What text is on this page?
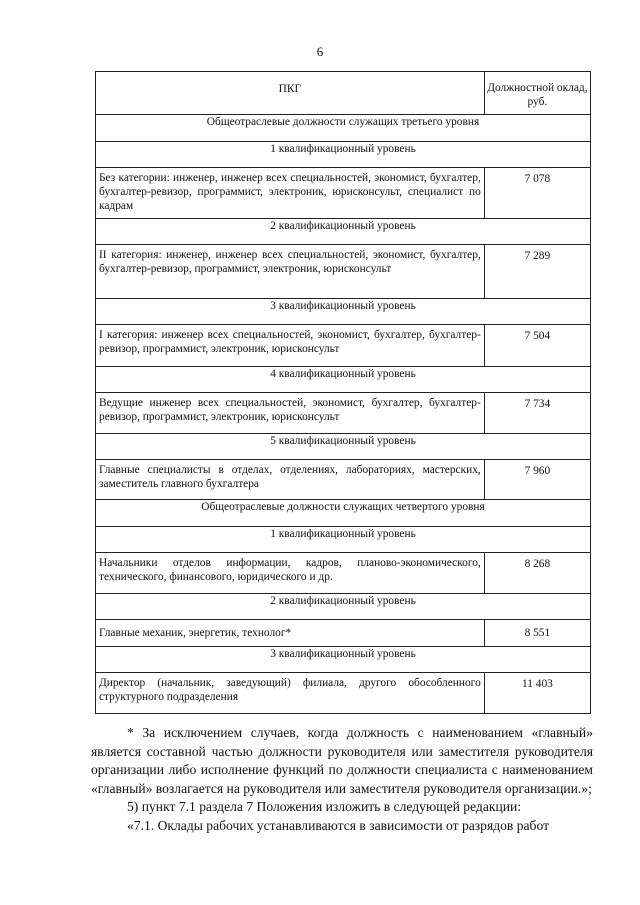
6
ПКГ	Должностной оклад, руб.
Общеотраслевые должности служащих третьего уровня	
1 квалификационный уровень	
Без категории: инженер, инженер всех специальностей, экономист, бухгалтер, бухгалтер-ревизор, программист, электроник, юрисконсульт, специалист по кадрам	7 078
2 квалификационный уровень	
II категория: инженер, инженер всех специальностей, экономист, бухгалтер, бухгалтер-ревизор, программист, электроник, юрисконсульт	7 289
3 квалификационный уровень	
I категория: инженер всех специальностей, экономист, бухгалтер, бухгалтер-ревизор, программист, электроник, юрисконсульт	7 504
4 квалификационный уровень	
Ведущие инженер всех специальностей, экономист, бухгалтер, бухгалтер-ревизор, программист, электроник, юрисконсульт	7 734
5 квалификационный уровень	
Главные специалисты в отделах, отделениях, лабораториях, мастерских, заместитель главного бухгалтера	7 960
Общеотраслевые должности служащих четвертого уровня	
1 квалификационный уровень	
Начальники отделов информации, кадров, планово-экономического, технического, финансового, юридического и др.	8 268
2 квалификационный уровень	
Главные механик, энергетик, технолог*	8 551
3 квалификационный уровень	
Директор (начальник, заведующий) филиала, другого обособленного структурного подразделения	11 403

* За исключением случаев, когда должность с наименованием «главный» является составной частью должности руководителя или заместителя руководителя организации либо исполнение функций по должности специалиста с наименованием «главный» возлагается на руководителя или заместителя руководителя организации.»;

5) пункт 7.1 раздела 7 Положения изложить в следующей редакции:

«7.1. Оклады рабочих устанавливаются в зависимости от разрядов работ
